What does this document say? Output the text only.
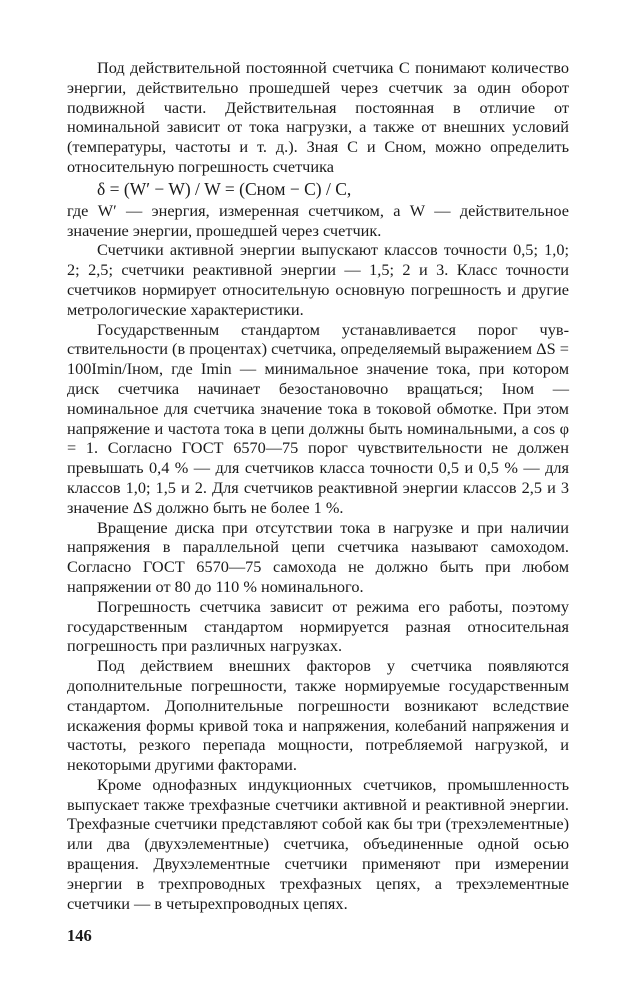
Под действительной постоянной счетчика C понимают количество энергии, действительно прошедшей через счетчик за один оборот подвижной части. Действительная постоянная в отличие от номинальной зависит от тока нагрузки, а также от внешних условий (температуры, частоты и т. д.). Зная C и Cном, можно определить относительную погрешность счетчика

δ = (W′ − W) / W = (Cном − C) / C,

где W′ — энергия, измеренная счетчиком, а W — действительное значение энергии, прошедшей через счетчик.

Счетчики активной энергии выпускают классов точности 0,5; 1,0; 2; 2,5; счетчики реактивной энергии — 1,5; 2 и 3. Класс точности счетчиков нормирует относительную основную погрешность и другие метрологические характеристики.

Государственным стандартом устанавливается порог чувствительности (в процентах) счетчика, определяемый выражением ΔS = 100Imin/Iном, где Imin — минимальное значение тока, при котором диск счетчика начинает безостановочно вращаться; Iном — номинальное для счетчика значение тока в токовой обмотке. При этом напряжение и частота тока в цепи должны быть номинальными, а cos φ = 1. Согласно ГОСТ 6570—75 порог чувствительности не должен превышать 0,4 % — для счетчиков класса точности 0,5 и 0,5 % — для классов 1,0; 1,5 и 2. Для счетчиков реактивной энергии классов 2,5 и 3 значение ΔS должно быть не более 1 %.

Вращение диска при отсутствии тока в нагрузке и при наличии напряжения в параллельной цепи счетчика называют самоходом. Согласно ГОСТ 6570—75 самохода не должно быть при любом напряжении от 80 до 110 % номинального.

Погрешность счетчика зависит от режима его работы, поэтому государственным стандартом нормируется разная относительная погрешность при различных нагрузках.

Под действием внешних факторов у счетчика появляются дополнительные погрешности, также нормируемые государственным стандартом. Дополнительные погрешности возникают вследствие искажения формы кривой тока и напряжения, колебаний напряжения и частоты, резкого перепада мощности, потребляемой нагрузкой, и некоторыми другими факторами.

Кроме однофазных индукционных счетчиков, промышленность выпускает также трехфазные счетчики активной и реактивной энергии. Трехфазные счетчики представляют собой как бы три (трехэлементные) или два (двухэлементные) счетчика, объединенные одной осью вращения. Двухэлементные счетчики применяют при измерении энергии в трехпроводных трехфазных цепях, а трехэлементные счетчики — в четырехпроводных цепях.

146
